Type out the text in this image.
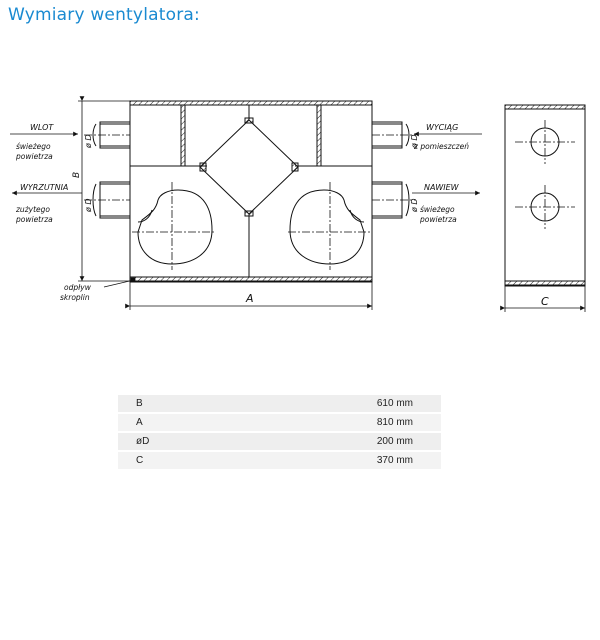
Wymiary wentylatora:
B
A
WLOT
świeżego
powietrza
WYRZUTNIA
zużytego
powietrza
WYCIĄG
z pomieszczeń
NAWIEW
świeżego
powietrza
ø D
ø D
ø D
ø D
odpływ
skroplin	C
B	610 mm
A	810 mm
øD	200 mm
C	370 mm
